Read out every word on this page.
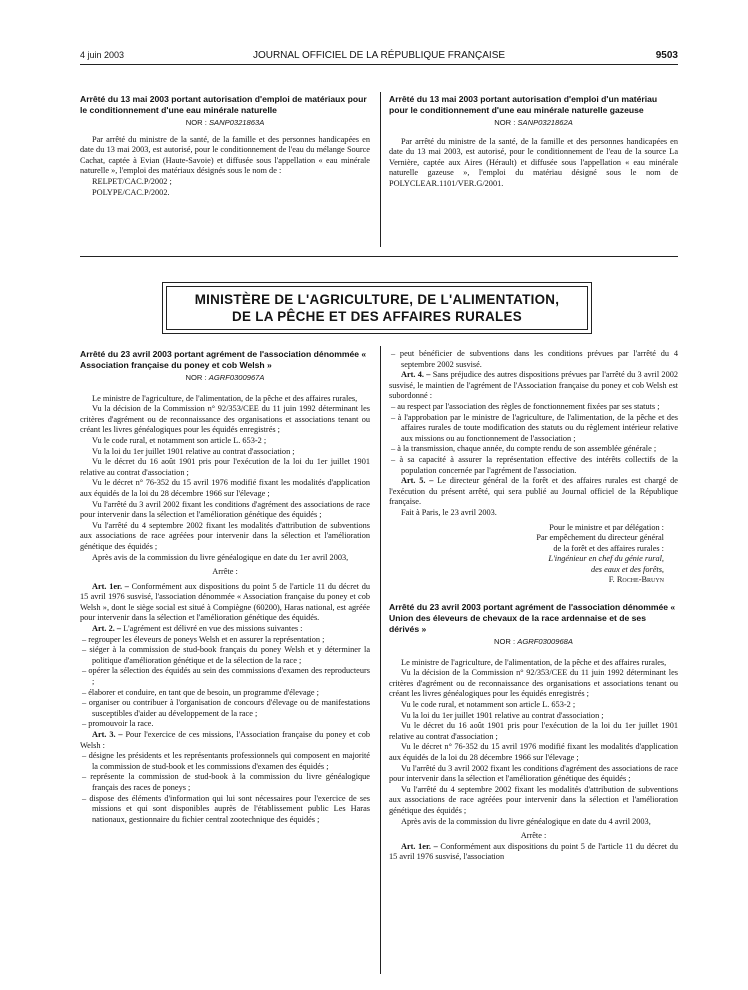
4 juin 2003	JOURNAL OFFICIEL DE LA RÉPUBLIQUE FRANÇAISE	9503
Arrêté du 13 mai 2003 portant autorisation d'emploi de matériaux pour le conditionnement d'une eau minérale naturelle
NOR : SANP0321863A

Par arrêté du ministre de la santé, de la famille et des personnes handicapées en date du 13 mai 2003, est autorisé, pour le conditionnement de l'eau du mélange Source Cachat, captée à Evian (Haute-Savoie) et diffusée sous l'appellation « eau minérale naturelle », l'emploi des matériaux désignés sous le nom de :

RELPET/CAC.P/2002 ;

POLYPE/CAC.P/2002.

Arrêté du 13 mai 2003 portant autorisation d'emploi d'un matériau pour le conditionnement d'une eau minérale naturelle gazeuse
NOR : SANP0321862A

Par arrêté du ministre de la santé, de la famille et des personnes handicapées en date du 13 mai 2003, est autorisé, pour le conditionnement de l'eau de la source La Vernière, captée aux Aires (Hérault) et diffusée sous l'appellation « eau minérale naturelle gazeuse », l'emploi du matériau désigné sous le nom de POLYCLEAR.1101/VER.G/2001.

MINISTÈRE DE L'AGRICULTURE, DE L'ALIMENTATION,
DE LA PÊCHE ET DES AFFAIRES RURALES
Arrêté du 23 avril 2003 portant agrément de l'association dénommée « Association française du poney et cob Welsh »
NOR : AGRF0300967A

Le ministre de l'agriculture, de l'alimentation, de la pêche et des affaires rurales,

Vu la décision de la Commission n° 92/353/CEE du 11 juin 1992 déterminant les critères d'agrément ou de reconnaissance des organisations et associations tenant ou créant les livres généalogiques pour les équidés enregistrés ;

Vu le code rural, et notamment son article L. 653-2 ;

Vu la loi du 1er juillet 1901 relative au contrat d'association ;

Vu le décret du 16 août 1901 pris pour l'exécution de la loi du 1er juillet 1901 relative au contrat d'association ;

Vu le décret n° 76-352 du 15 avril 1976 modifié fixant les modalités d'application aux équidés de la loi du 28 décembre 1966 sur l'élevage ;

Vu l'arrêté du 3 avril 2002 fixant les conditions d'agrément des associations de race pour intervenir dans la sélection et l'amélioration génétique des équidés ;

Vu l'arrêté du 4 septembre 2002 fixant les modalités d'attribution de subventions aux associations de race agréées pour intervenir dans la sélection et l'amélioration génétique des équidés ;

Après avis de la commission du livre généalogique en date du 1er avril 2003,

Arrête :

Art. 1er. – Conformément aux dispositions du point 5 de l'article 11 du décret du 15 avril 1976 susvisé, l'association dénommée « Association française du poney et cob Welsh », dont le siège social est situé à Compiègne (60200), Haras national, est agréée pour intervenir dans la sélection et l'amélioration génétique des équidés.

Art. 2. – L'agrément est délivré en vue des missions suivantes :

– regrouper les éleveurs de poneys Welsh et en assurer la représentation ;
– siéger à la commission de stud-book français du poney Welsh et y déterminer la politique d'amélioration génétique et de la sélection de la race ;
– opérer la sélection des équidés au sein des commissions d'examen des reproducteurs ;
– élaborer et conduire, en tant que de besoin, un programme d'élevage ;
– organiser ou contribuer à l'organisation de concours d'élevage ou de manifestations susceptibles d'aider au développement de la race ;
– promouvoir la race.

Art. 3. – Pour l'exercice de ces missions, l'Association française du poney et cob Welsh :

– désigne les présidents et les représentants professionnels qui composent en majorité la commission de stud-book et les commissions d'examen des équidés ;
– représente la commission de stud-book à la commission du livre généalogique français des races de poneys ;
– dispose des éléments d'information qui lui sont nécessaires pour l'exercice de ses missions et qui sont disponibles auprès de l'établissement public Les Haras nationaux, gestionnaire du fichier central zootechnique des équidés ;
– peut bénéficier de subventions dans les conditions prévues par l'arrêté du 4 septembre 2002 susvisé.

Art. 4. – Sans préjudice des autres dispositions prévues par l'arrêté du 3 avril 2002 susvisé, le maintien de l'agrément de l'Association française du poney et cob Welsh est subordonné :

– au respect par l'association des règles de fonctionnement fixées par ses statuts ;
– à l'approbation par le ministre de l'agriculture, de l'alimentation, de la pêche et des affaires rurales de toute modification des statuts ou du règlement intérieur relative aux missions ou au fonctionnement de l'association ;
– à la transmission, chaque année, du compte rendu de son assemblée générale ;
– à sa capacité à assurer la représentation effective des intérêts collectifs de la population concernée par l'agrément de l'association.

Art. 5. – Le directeur général de la forêt et des affaires rurales est chargé de l'exécution du présent arrêté, qui sera publié au Journal officiel de la République française.

Fait à Paris, le 23 avril 2003.

Pour le ministre et par délégation :
Par empêchement du directeur général
de la forêt et des affaires rurales :
L'ingénieur en chef du génie rural,
des eaux et des forêts,
F. Roche-Bruyn
Arrêté du 23 avril 2003 portant agrément de l'association dénommée « Union des éleveurs de chevaux de la race ardennaise et de ses dérivés »
NOR : AGRF0300968A

Le ministre de l'agriculture, de l'alimentation, de la pêche et des affaires rurales,

Vu la décision de la Commission n° 92/353/CEE du 11 juin 1992 déterminant les critères d'agrément ou de reconnaissance des organisations et associations tenant ou créant les livres généalogiques pour les équidés enregistrés ;

Vu le code rural, et notamment son article L. 653-2 ;

Vu la loi du 1er juillet 1901 relative au contrat d'association ;

Vu le décret du 16 août 1901 pris pour l'exécution de la loi du 1er juillet 1901 relative au contrat d'association ;

Vu le décret n° 76-352 du 15 avril 1976 modifié fixant les modalités d'application aux équidés de la loi du 28 décembre 1966 sur l'élevage ;

Vu l'arrêté du 3 avril 2002 fixant les conditions d'agrément des associations de race pour intervenir dans la sélection et l'amélioration génétique des équidés ;

Vu l'arrêté du 4 septembre 2002 fixant les modalités d'attribution de subventions aux associations de race agréées pour intervenir dans la sélection et l'amélioration génétique des équidés ;

Après avis de la commission du livre généalogique en date du 4 avril 2003,

Arrête :

Art. 1er. – Conformément aux dispositions du point 5 de l'article 11 du décret du 15 avril 1976 susvisé, l'association
